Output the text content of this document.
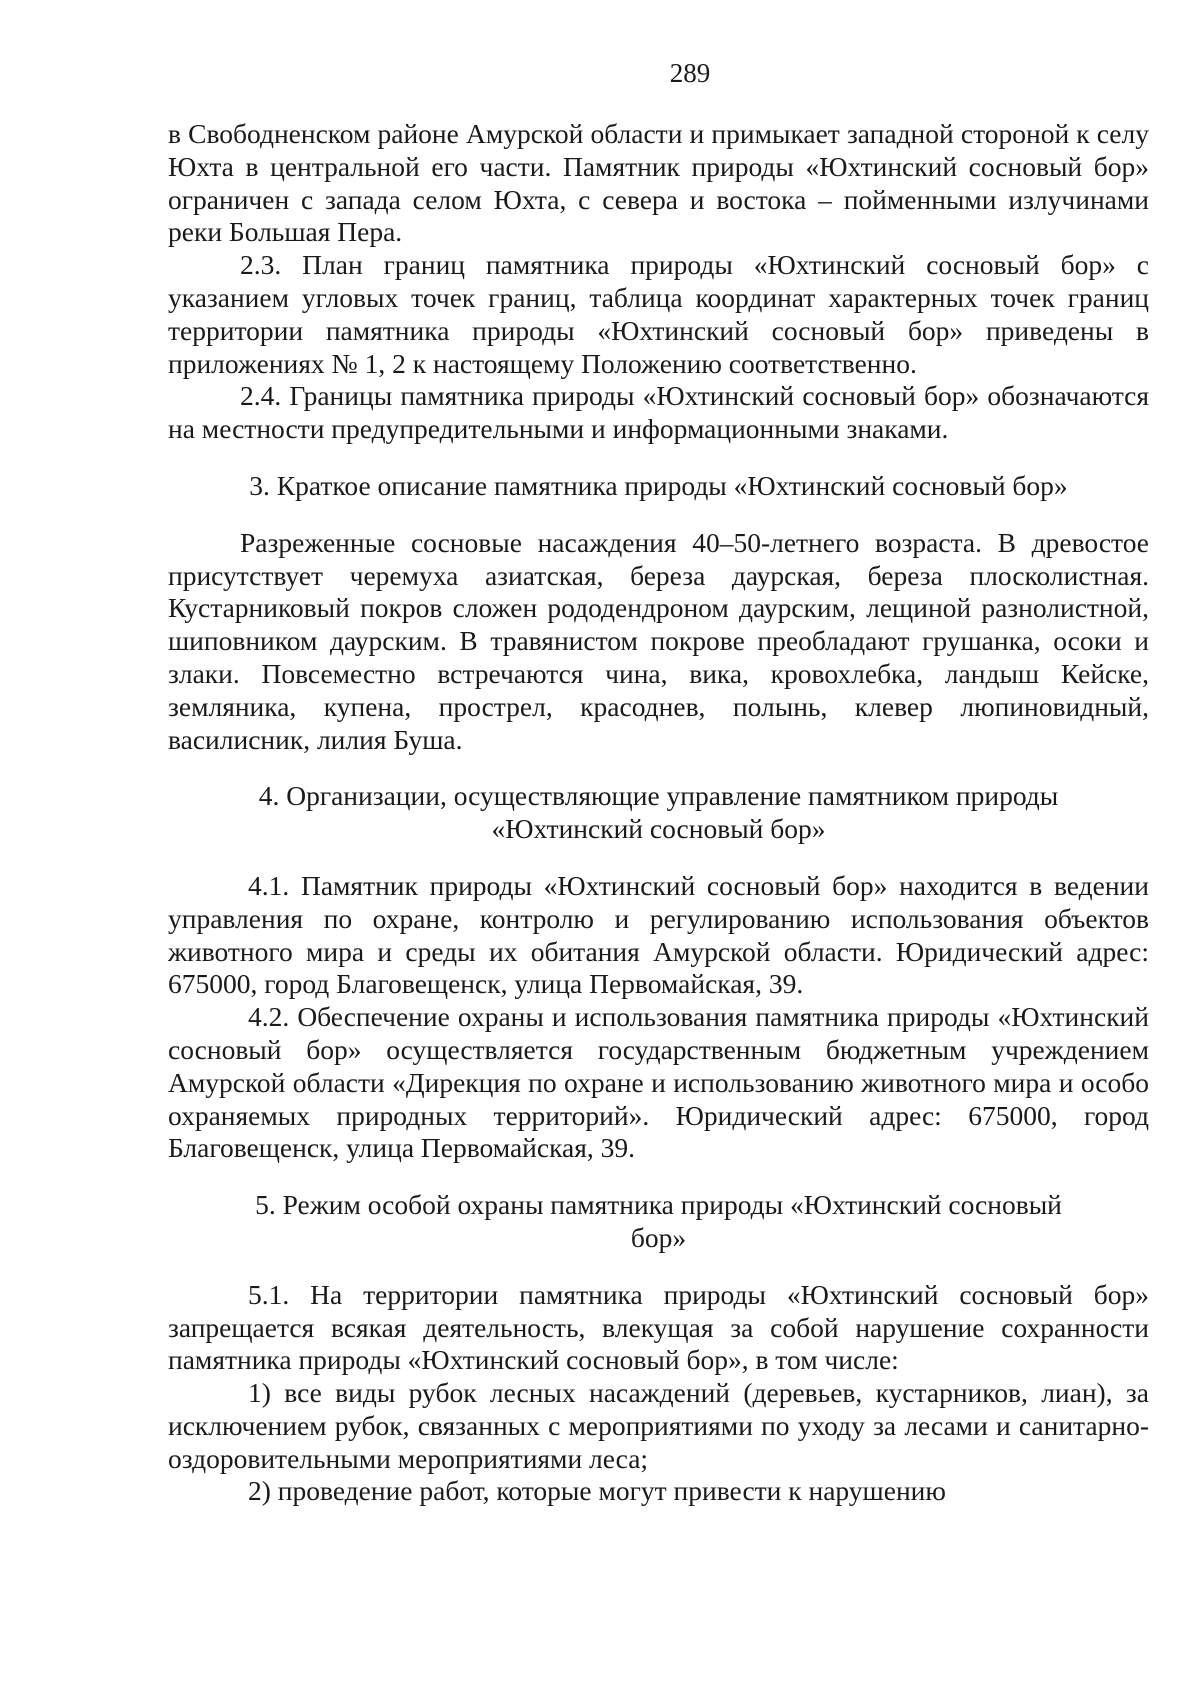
289

в Свободненском районе Амурской области и примыкает западной стороной к селу Юхта в центральной его части. Памятник природы «Юхтинский сосновый бор» ограничен с запада селом Юхта, с севера и востока – пойменными излучинами реки Большая Пера.

2.3. План границ памятника природы «Юхтинский сосновый бор» с указанием угловых точек границ, таблица координат характерных точек границ территории памятника природы «Юхтинский сосновый бор» приведены в приложениях № 1, 2 к настоящему Положению соответственно.

2.4. Границы памятника природы «Юхтинский сосновый бор» обозначаются на местности предупредительными и информационными знаками.

3. Краткое описание памятника природы «Юхтинский сосновый бор»

Разреженные сосновые насаждения 40–50-летнего возраста. В древостое присутствует черемуха азиатская, береза даурская, береза плосколистная. Кустарниковый покров сложен рододендроном даурским, лещиной разнолистной, шиповником даурским. В травянистом покрове преобладают грушанка, осоки и злаки. Повсеместно встречаются чина, вика, кровохлебка, ландыш Кейске, земляника, купена, прострел, красоднев, полынь, клевер люпиновидный, василисник, лилия Буша.

4. Организации, осуществляющие управление памятником природы

«Юхтинский сосновый бор»

4.1. Памятник природы «Юхтинский сосновый бор» находится в ведении управления по охране, контролю и регулированию использования объектов животного мира и среды их обитания Амурской области. Юридический адрес: 675000, город Благовещенск, улица Первомайская, 39.

4.2. Обеспечение охраны и использования памятника природы «Юхтинский сосновый бор» осуществляется государственным бюджетным учреждением Амурской области «Дирекция по охране и использованию животного мира и особо охраняемых природных территорий». Юридический адрес: 675000, город Благовещенск, улица Первомайская, 39.

5. Режим особой охраны памятника природы «Юхтинский сосновый

бор»

5.1. На территории памятника природы «Юхтинский сосновый бор» запрещается всякая деятельность, влекущая за собой нарушение сохранности памятника природы «Юхтинский сосновый бор», в том числе:

1) все виды рубок лесных насаждений (деревьев, кустарников, лиан), за исключением рубок, связанных с мероприятиями по уходу за лесами и санитарно-оздоровительными мероприятиями леса;

2) проведение работ, которые могут привести к нарушению
